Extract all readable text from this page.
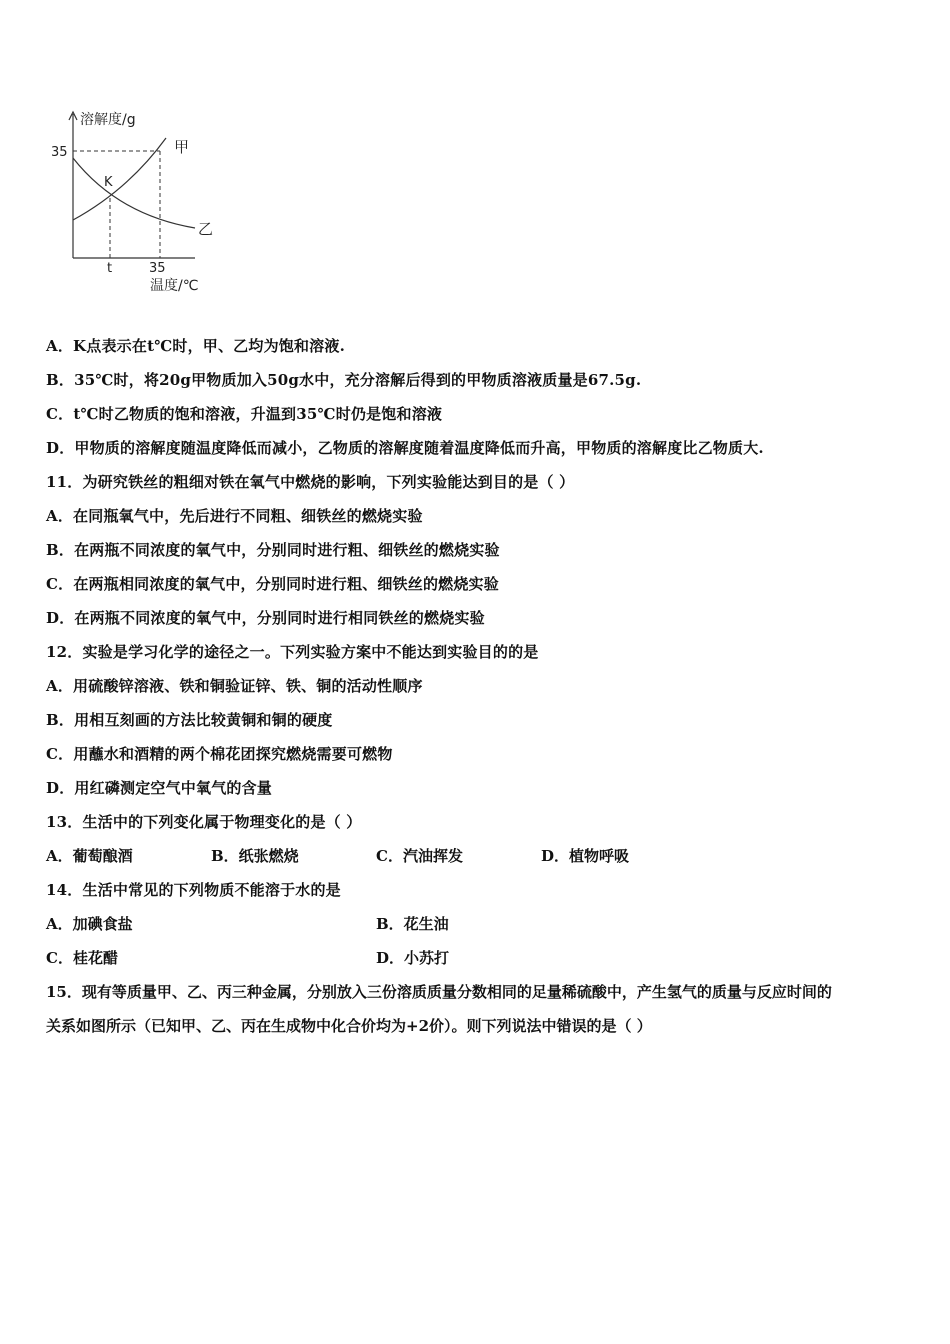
溶解度/g
35	甲
乙
K
t	35
温度/℃
A．K点表示在t℃时，甲、乙均为饱和溶液.
B．35℃时，将20g甲物质加入50g水中，充分溶解后得到的甲物质溶液质量是67.5g.
C．t℃时乙物质的饱和溶液，升温到35℃时仍是饱和溶液
D．甲物质的溶解度随温度降低而减小，乙物质的溶解度随着温度降低而升高，甲物质的溶解度比乙物质大.
11．为研究铁丝的粗细对铁在氧气中燃烧的影响，下列实验能达到目的是（ ）
A．在同瓶氧气中，先后进行不同粗、细铁丝的燃烧实验
B．在两瓶不同浓度的氧气中，分别同时进行粗、细铁丝的燃烧实验
C．在两瓶相同浓度的氧气中，分别同时进行粗、细铁丝的燃烧实验
D．在两瓶不同浓度的氧气中，分别同时进行相同铁丝的燃烧实验
12．实验是学习化学的途径之一。下列实验方案中不能达到实验目的的是
A．用硫酸锌溶液、铁和铜验证锌、铁、铜的活动性顺序
B．用相互刻画的方法比较黄铜和铜的硬度
C．用蘸水和酒精的两个棉花团探究燃烧需要可燃物
D．用红磷测定空气中氧气的含量
13．生活中的下列变化属于物理变化的是（ ）
A．葡萄酿酒	B．纸张燃烧	C．汽油挥发	D．植物呼吸
14．生活中常见的下列物质不能溶于水的是
A．加碘食盐	B．花生油
C．桂花醋	D．小苏打
15．现有等质量甲、乙、丙三种金属，分别放入三份溶质质量分数相同的足量稀硫酸中，产生氢气的质量与反应时间的
关系如图所示（已知甲、乙、丙在生成物中化合价均为+2价）。则下列说法中错误的是（ ）
